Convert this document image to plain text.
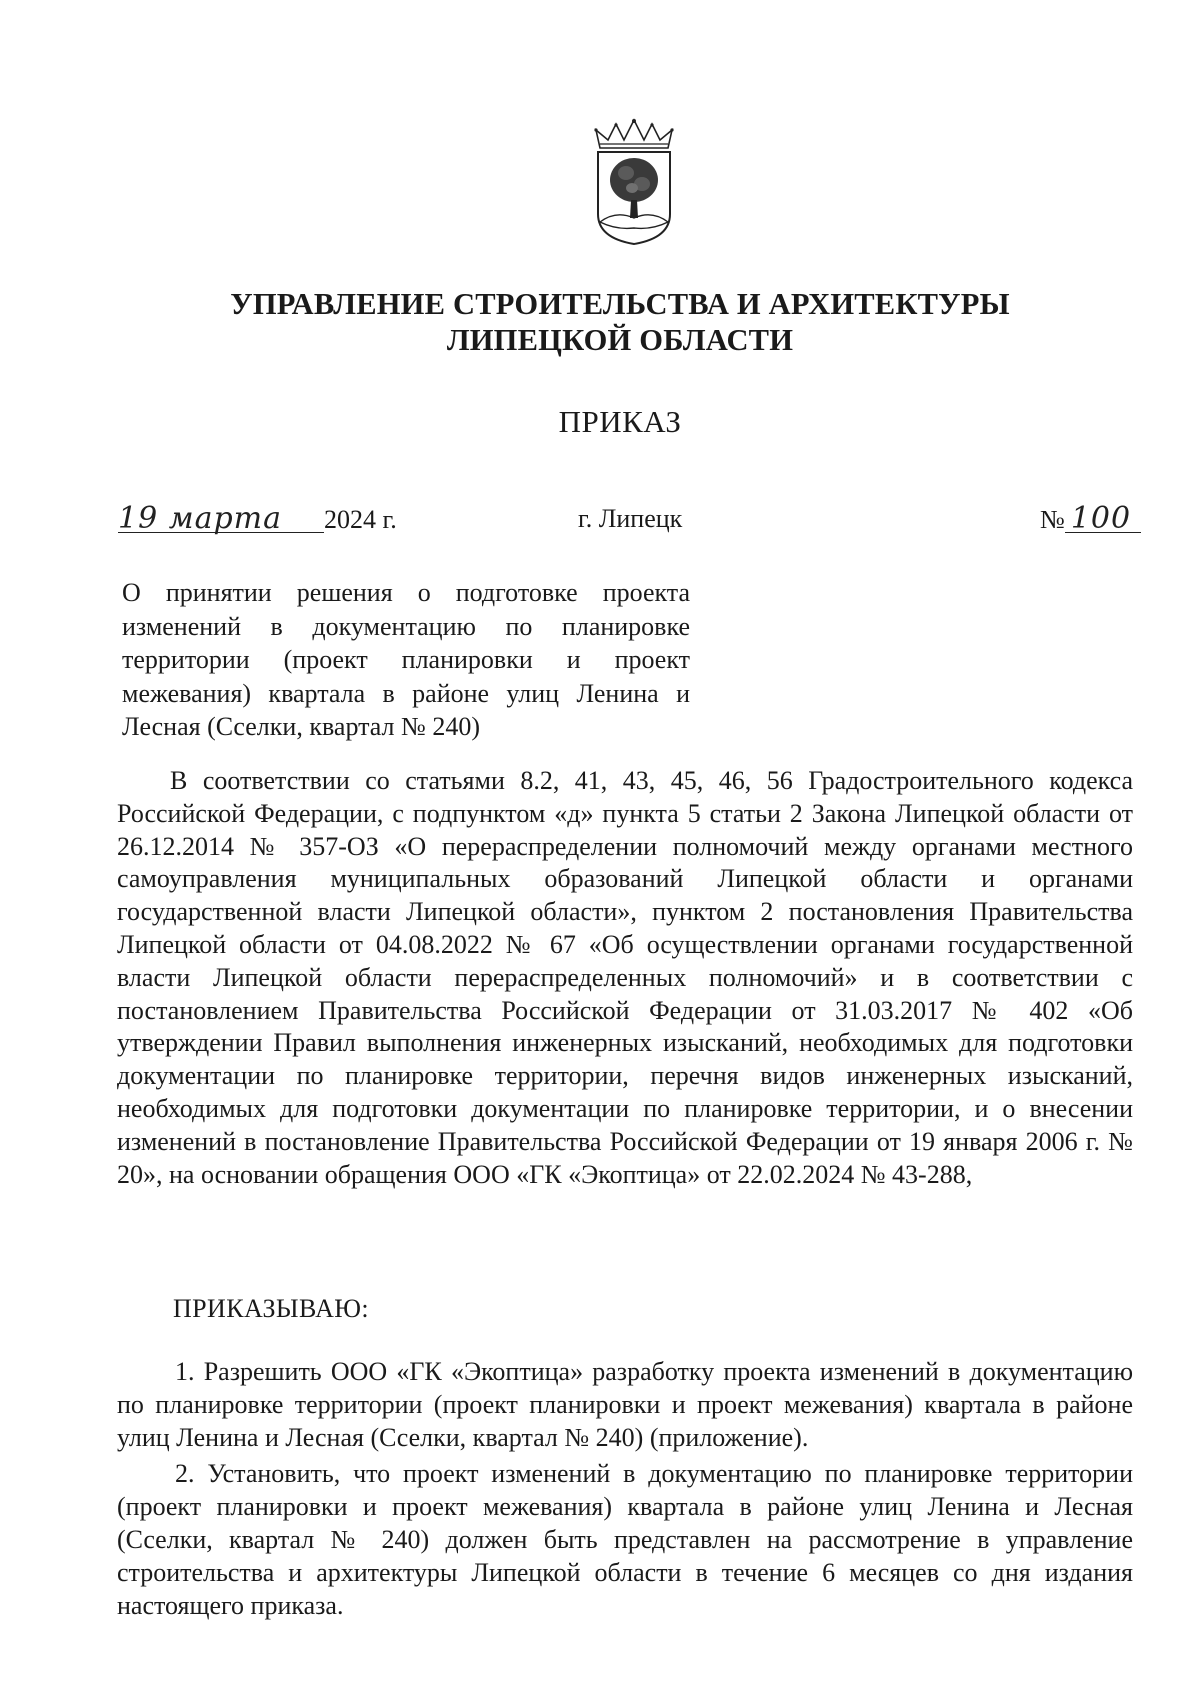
УПРАВЛЕНИЕ СТРОИТЕЛЬСТВА И АРХИТЕКТУРЫ
ЛИПЕЦКОЙ ОБЛАСТИ
ПРИКАЗ
19 марта 2024 г.	г. Липецк	№ 100

О принятии решения о подготовке проекта изменений в документацию по планировке территории (проект планировки и проект межевания) квартала в районе улиц Ленина и Лесная (Сселки, квартал № 240)

В соответствии со статьями 8.2, 41, 43, 45, 46, 56 Градостроительного кодекса Российской Федерации, с подпунктом «д» пункта 5 статьи 2 Закона Липецкой области от 26.12.2014 № 357-ОЗ «О перераспределении полномочий между органами местного самоуправления муниципальных образований Липецкой области и органами государственной власти Липецкой области», пунктом 2 постановления Правительства Липецкой области от 04.08.2022 № 67 «Об осуществлении органами государственной власти Липецкой области перераспределенных полномочий» и в соответствии с постановлением Правительства Российской Федерации от 31.03.2017 № 402 «Об утверждении Правил выполнения инженерных изысканий, необходимых для подготовки документации по планировке территории, перечня видов инженерных изысканий, необходимых для подготовки документации по планировке территории, и о внесении изменений в постановление Правительства Российской Федерации от 19 января 2006 г. № 20», на основании обращения ООО «ГК «Экоптица» от 22.02.2024 № 43-288,

ПРИКАЗЫВАЮ:

1. Разрешить ООО «ГК «Экоптица» разработку проекта изменений в документацию по планировке территории (проект планировки и проект межевания) квартала в районе улиц Ленина и Лесная (Сселки, квартал № 240) (приложение).

2. Установить, что проект изменений в документацию по планировке территории (проект планировки и проект межевания) квартала в районе улиц Ленина и Лесная (Сселки, квартал № 240) должен быть представлен на рассмотрение в управление строительства и архитектуры Липецкой области в течение 6 месяцев со дня издания настоящего приказа.
